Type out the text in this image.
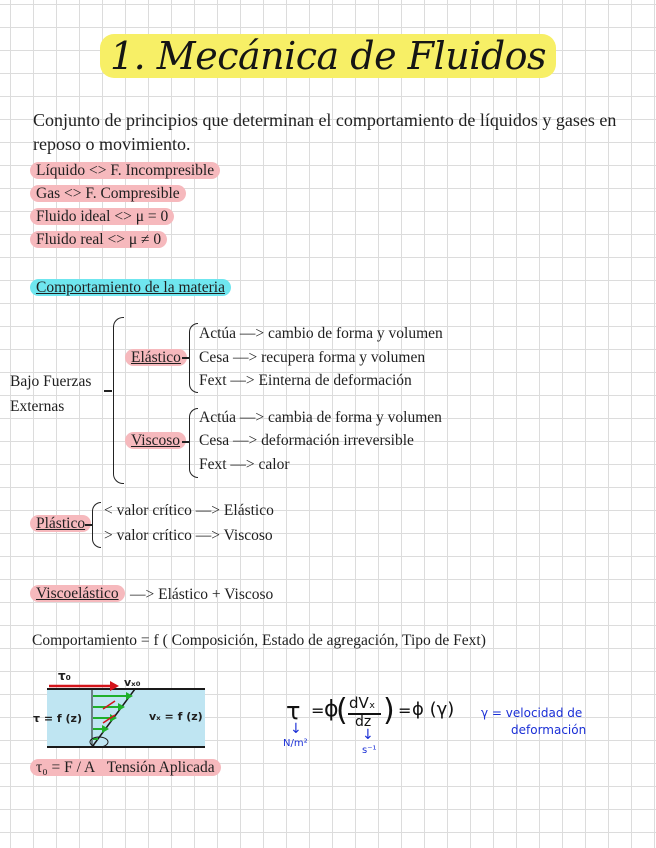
1. Mecánica de Fluidos
Conjunto de principios que determinan el comportamiento de líquidos y gases en reposo o movimiento.
Líquido <> F. Incompresible
Gas <> F. Compresible
Fluido ideal <> μ = 0
Fluido real <> μ ≠ 0
Comportamiento de la materia
Bajo Fuerzas
Externas
Elástico
Actúa —> cambio de forma y volumen
Cesa —> recupera forma y volumen
Fext —> Einterna de deformación
Viscoso
Actúa —> cambia de forma y volumen
Cesa —> deformación irreversible
Fext —> calor
Plástico
< valor crítico —> Elástico
> valor crítico —> Viscoso
Viscoelástico —> Elástico + Viscoso
Comportamiento = f ( Composición, Estado de agregación, Tipo de Fext)
τ₀	vₓ₀
τ = f (z)	vₓ = f (z)
τ₀ = F / A Tensión Aplicada
τ = ϕ
( dVₓ
dz ) = ϕ (γ)
↓
N/m²
↓
s⁻¹
γ = velocidad de
deformación
